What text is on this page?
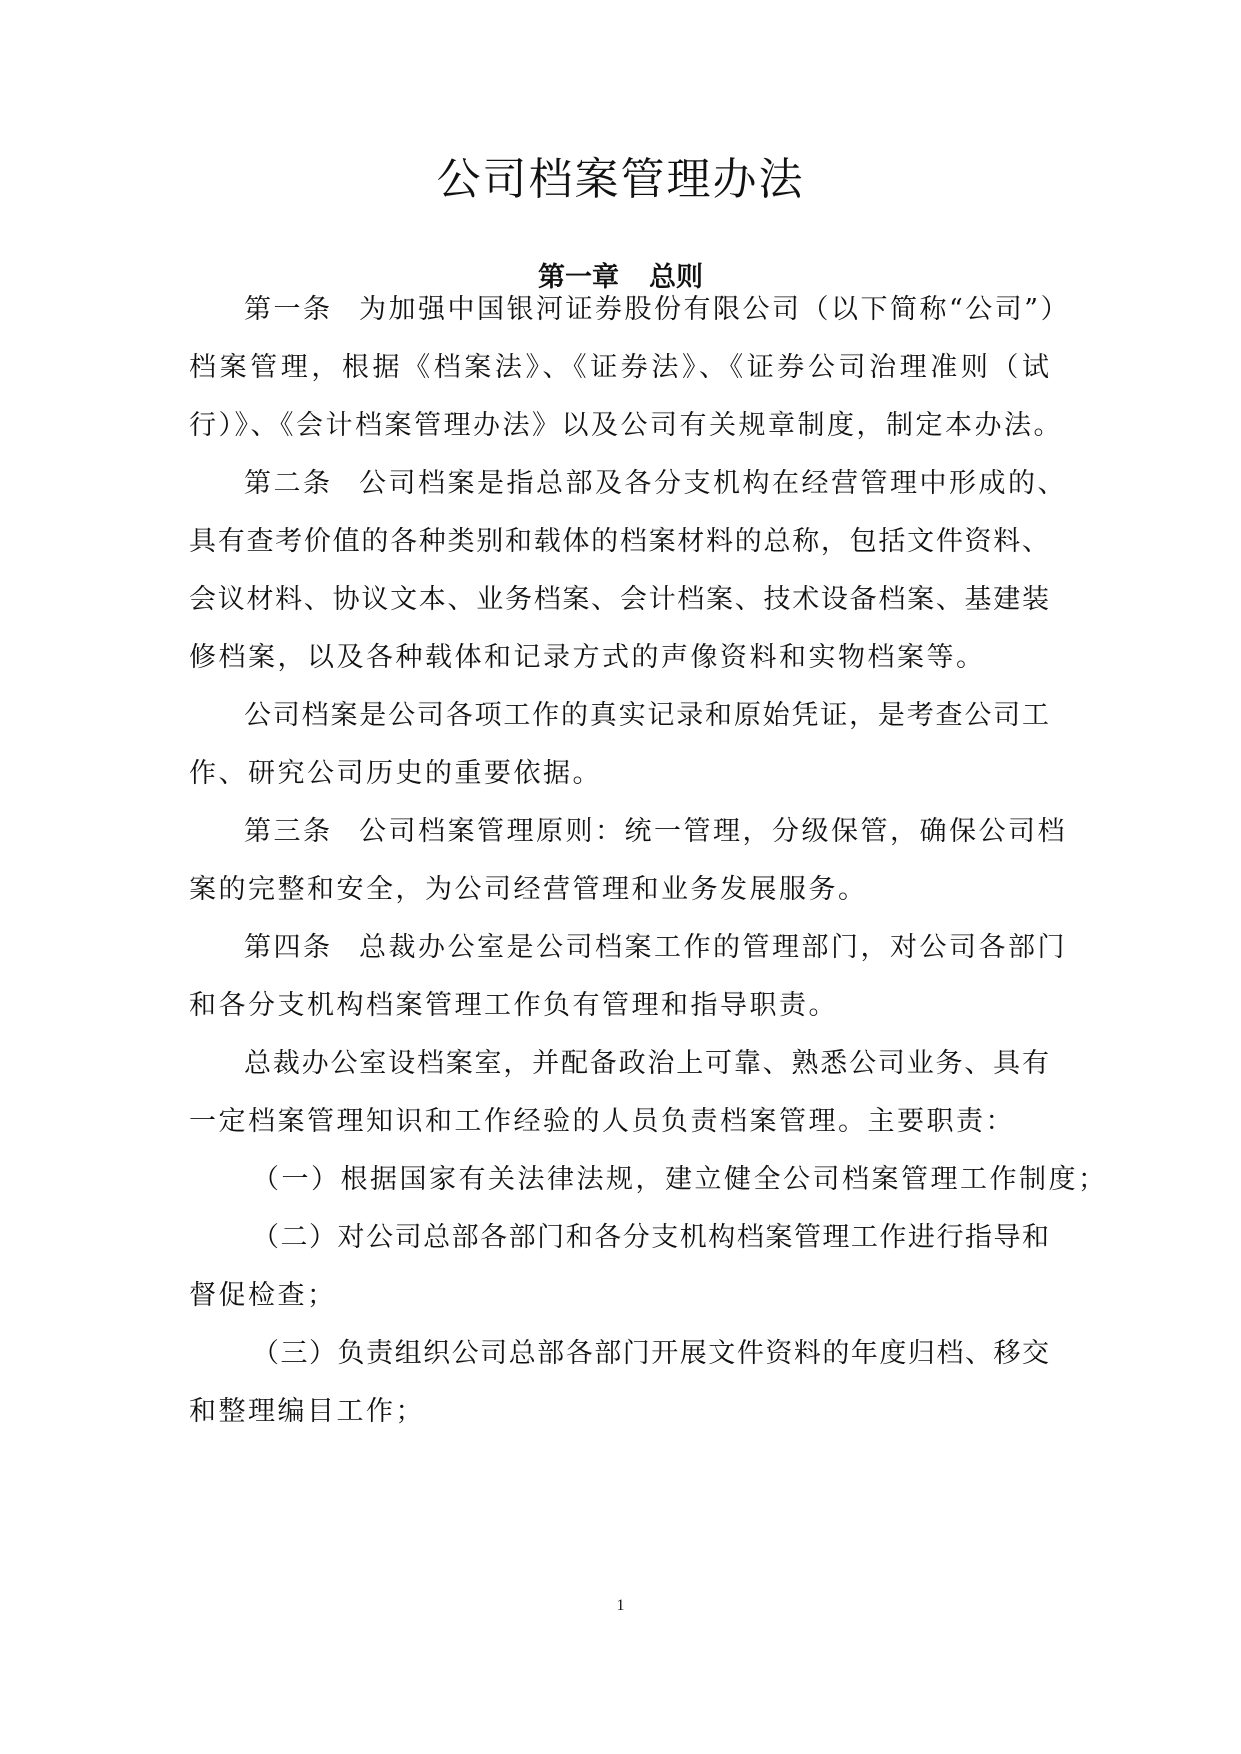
公司档案管理办法
第一章 总则
第一条 为加强中国银河证券股份有限公司（以下简称“公司”）
档案管理，根据《档案法》、《证券法》、《证券公司治理准则（试
行）》、《会计档案管理办法》以及公司有关规章制度，制定本办法。
第二条 公司档案是指总部及各分支机构在经营管理中形成的、
具有查考价值的各种类别和载体的档案材料的总称，包括文件资料、
会议材料、协议文本、业务档案、会计档案、技术设备档案、基建装
修档案，以及各种载体和记录方式的声像资料和实物档案等。
公司档案是公司各项工作的真实记录和原始凭证，是考查公司工
作、研究公司历史的重要依据。
第三条 公司档案管理原则：统一管理，分级保管，确保公司档
案的完整和安全，为公司经营管理和业务发展服务。
第四条 总裁办公室是公司档案工作的管理部门，对公司各部门
和各分支机构档案管理工作负有管理和指导职责。
总裁办公室设档案室，并配备政治上可靠、熟悉公司业务、具有
一定档案管理知识和工作经验的人员负责档案管理。主要职责：
（一）根据国家有关法律法规，建立健全公司档案管理工作制度；
（二）对公司总部各部门和各分支机构档案管理工作进行指导和
督促检查；
（三）负责组织公司总部各部门开展文件资料的年度归档、移交
和整理编目工作；
1
